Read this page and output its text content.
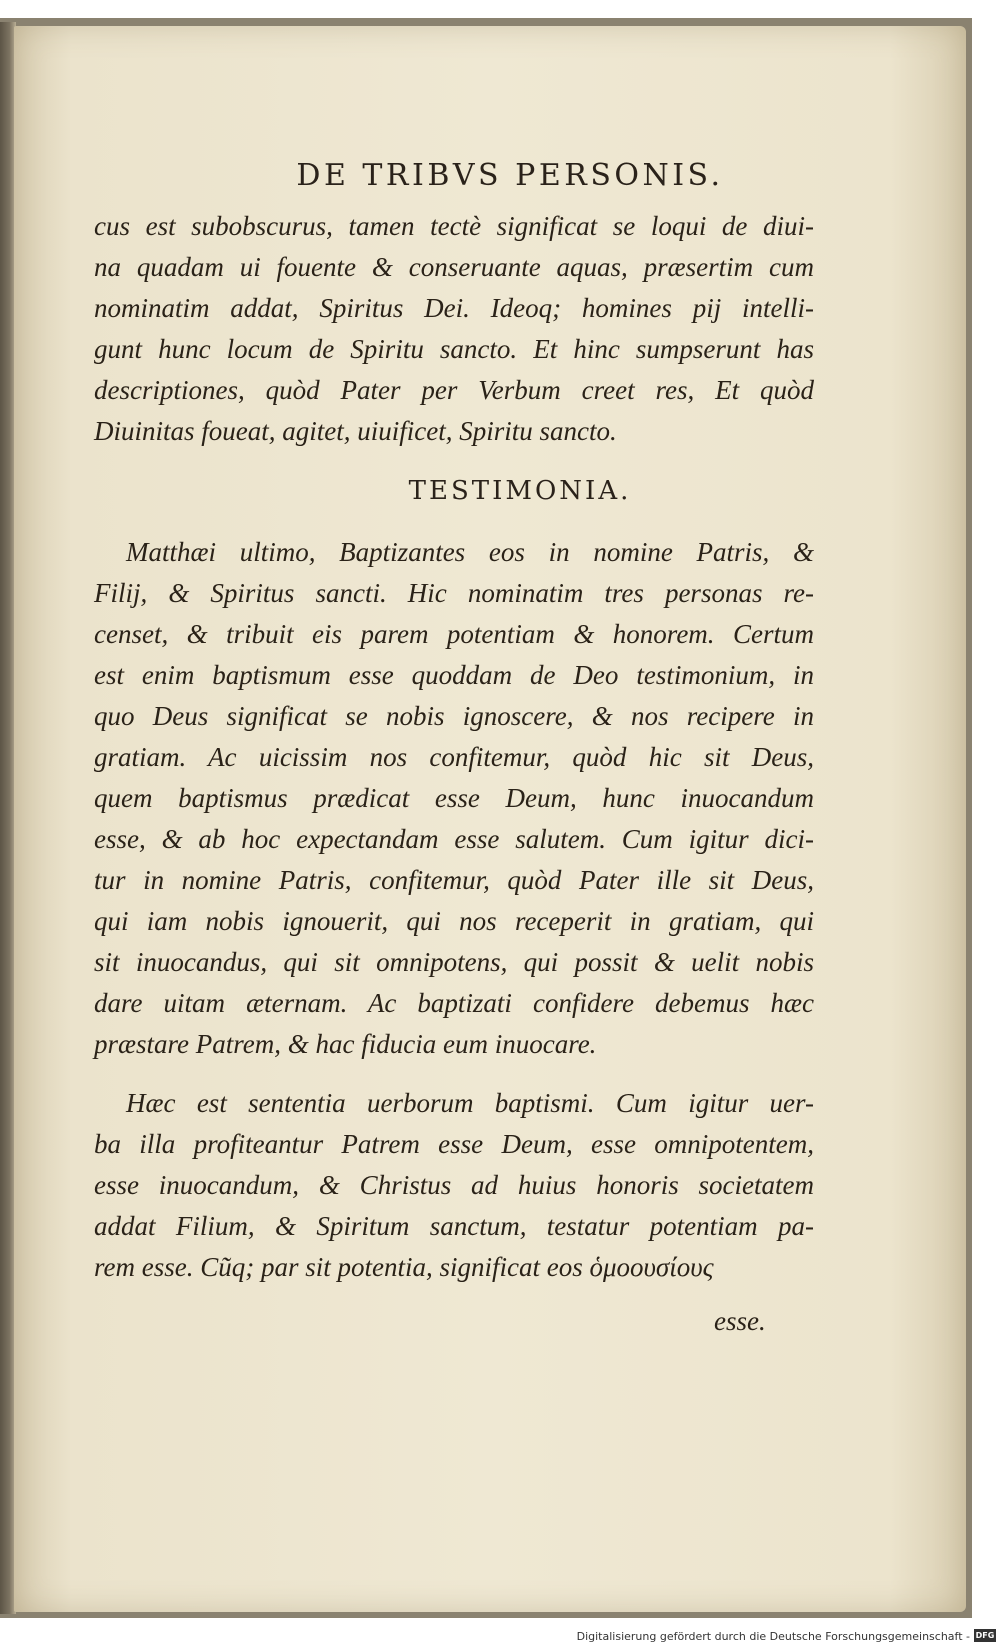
DE TRIBVS PERSONIS.
cus est subobscurus, tamen tectè significat se loqui de diui-
na quadam ui fouente & conseruante aquas, præsertim cum
nominatim addat, Spiritus Dei. Ideoq; homines pij intelli-
gunt hunc locum de Spiritu sancto. Et hinc sumpserunt has
descriptiones, quòd Pater per Verbum creet res, Et quòd
Diuinitas foueat, agitet, uiuificet, Spiritu sancto.
TESTIMONIA.
Matthæi ultimo, Baptizantes eos in nomine Patris, &
Filij, & Spiritus sancti. Hic nominatim tres personas re-
censet, & tribuit eis parem potentiam & honorem. Certum
est enim baptismum esse quoddam de Deo testimonium, in
quo Deus significat se nobis ignoscere, & nos recipere in
gratiam. Ac uicissim nos confitemur, quòd hic sit Deus,
quem baptismus prædicat esse Deum, hunc inuocandum
esse, & ab hoc expectandam esse salutem. Cum igitur dici-
tur in nomine Patris, confitemur, quòd Pater ille sit Deus,
qui iam nobis ignouerit, qui nos receperit in gratiam, qui
sit inuocandus, qui sit omnipotens, qui possit & uelit nobis
dare uitam æternam. Ac baptizati confidere debemus hæc
præstare Patrem, & hac fiducia eum inuocare.
Hæc est sententia uerborum baptismi. Cum igitur uer-
ba illa profiteantur Patrem esse Deum, esse omnipotentem,
esse inuocandum, & Christus ad huius honoris societatem
addat Filium, & Spiritum sanctum, testatur potentiam pa-
rem esse. Cũq; par sit potentia, significat eos ὁμοουσίους
esse.
Digitalisierung gefördert durch die Deutsche Forschungsgemeinschaft - DFG
